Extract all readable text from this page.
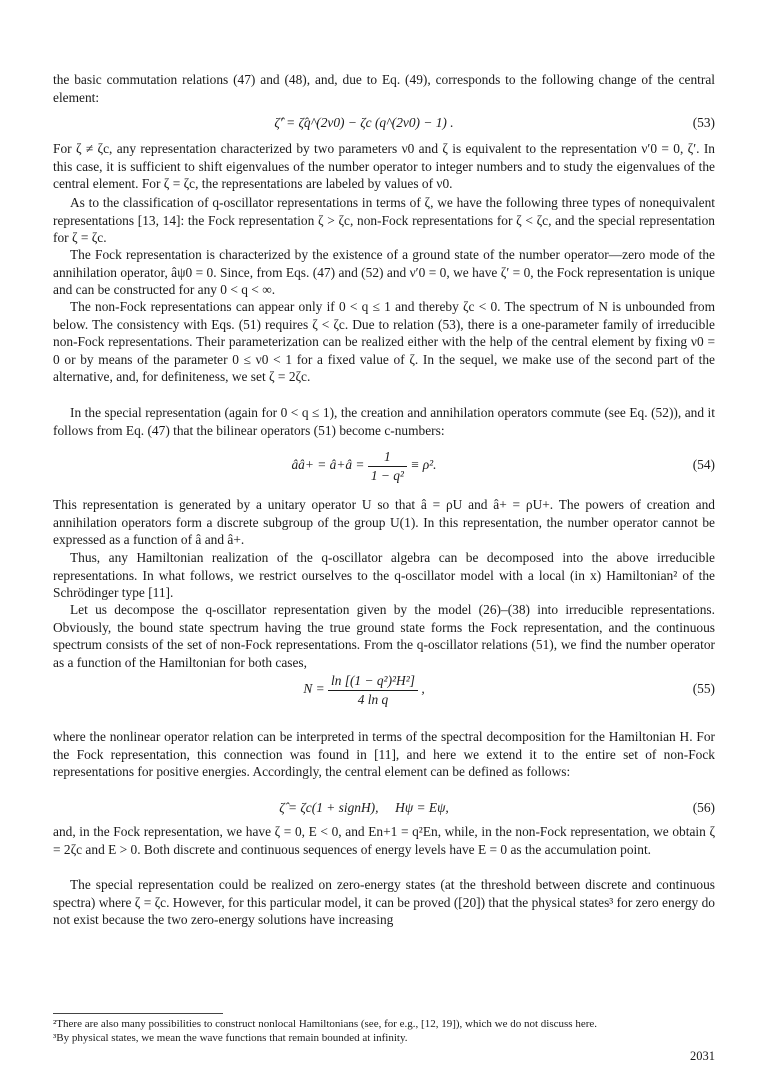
the basic commutation relations (47) and (48), and, due to Eq. (49), corresponds to the following change of the central element:

ζ̂′ = ζ̂q^(2ν0) − ζc (q^(2ν0) − 1) .	(53)

For ζ ≠ ζc, any representation characterized by two parameters ν0 and ζ is equivalent to the representation ν′0 = 0, ζ′. In this case, it is sufficient to shift eigenvalues of the number operator to integer numbers and to study the eigenvalues of the central element. For ζ = ζc, the representations are labeled by values of ν0.

As to the classification of q-oscillator representations in terms of ζ, we have the following three types of nonequivalent representations [13, 14]: the Fock representation ζ > ζc, non-Fock representations for ζ < ζc, and the special representation for ζ = ζc.

The Fock representation is characterized by the existence of a ground state of the number operator—zero mode of the annihilation operator, âψ0 = 0. Since, from Eqs. (47) and (52) and ν′0 = 0, we have ζ′ = 0, the Fock representation is unique and can be constructed for any 0 < q < ∞.

The non-Fock representations can appear only if 0 < q ≤ 1 and thereby ζc < 0. The spectrum of N is unbounded from below. The consistency with Eqs. (51) requires ζ < ζc. Due to relation (53), there is a one-parameter family of irreducible non-Fock representations. Their parameterization can be realized either with the help of the central element by fixing ν0 = 0 or by means of the parameter 0 ≤ ν0 < 1 for a fixed value of ζ. In the sequel, we make use of the second part of the alternative, and, for definiteness, we set ζ = 2ζc.

In the special representation (again for 0 < q ≤ 1), the creation and annihilation operators commute (see Eq. (52)), and it follows from Eq. (47) that the bilinear operators (51) become c-numbers:

ââ+ = â+â = $\frac{1}{\text{1 − q²}} \equiv \rho^2$.	(54)

This representation is generated by a unitary operator U so that â = ρU and â+ = ρU+. The powers of creation and annihilation operators form a discrete subgroup of the group U(1). In this representation, the number operator cannot be expressed as a function of â and â+.

Thus, any Hamiltonian realization of the q-oscillator algebra can be decomposed into the above irreducible representations. In what follows, we restrict ourselves to the q-oscillator model with a local (in x) Hamiltonian² of the Schrödinger type [11].

Let us decompose the q-oscillator representation given by the model (26)–(38) into irreducible representations. Obviously, the bound state spectrum having the true ground state forms the Fock representation, and the continuous spectrum consists of the set of non-Fock representations. From the q-oscillator relations (51), we find the number operator as a function of the Hamiltonian for both cases,

$N = \frac{\text{ln [(1 − q²)²H²]}}{\text{4 ln q}}$ ,	(55)

where the nonlinear operator relation can be interpreted in terms of the spectral decomposition for the Hamiltonian H. For the Fock representation, this connection was found in [11], and here we extend it to the entire set of non-Fock representations for positive energies. Accordingly, the central element can be defined as follows:

ζ̂ = ζc(1 + signH),     Hψ = Eψ,	(56)

and, in the Fock representation, we have ζ = 0, E < 0, and En+1 = q²En, while, in the non-Fock representation, we obtain ζ = 2ζc and E > 0. Both discrete and continuous sequences of energy levels have E = 0 as the accumulation point.

The special representation could be realized on zero-energy states (at the threshold between discrete and continuous spectra) where ζ = ζc. However, for this particular model, it can be proved ([20]) that the physical states³ for zero energy do not exist because the two zero-energy solutions have increasing

²There are also many possibilities to construct nonlocal Hamiltonians (see, for e.g., [12, 19]), which we do not discuss here.

³By physical states, we mean the wave functions that remain bounded at infinity.

2031
